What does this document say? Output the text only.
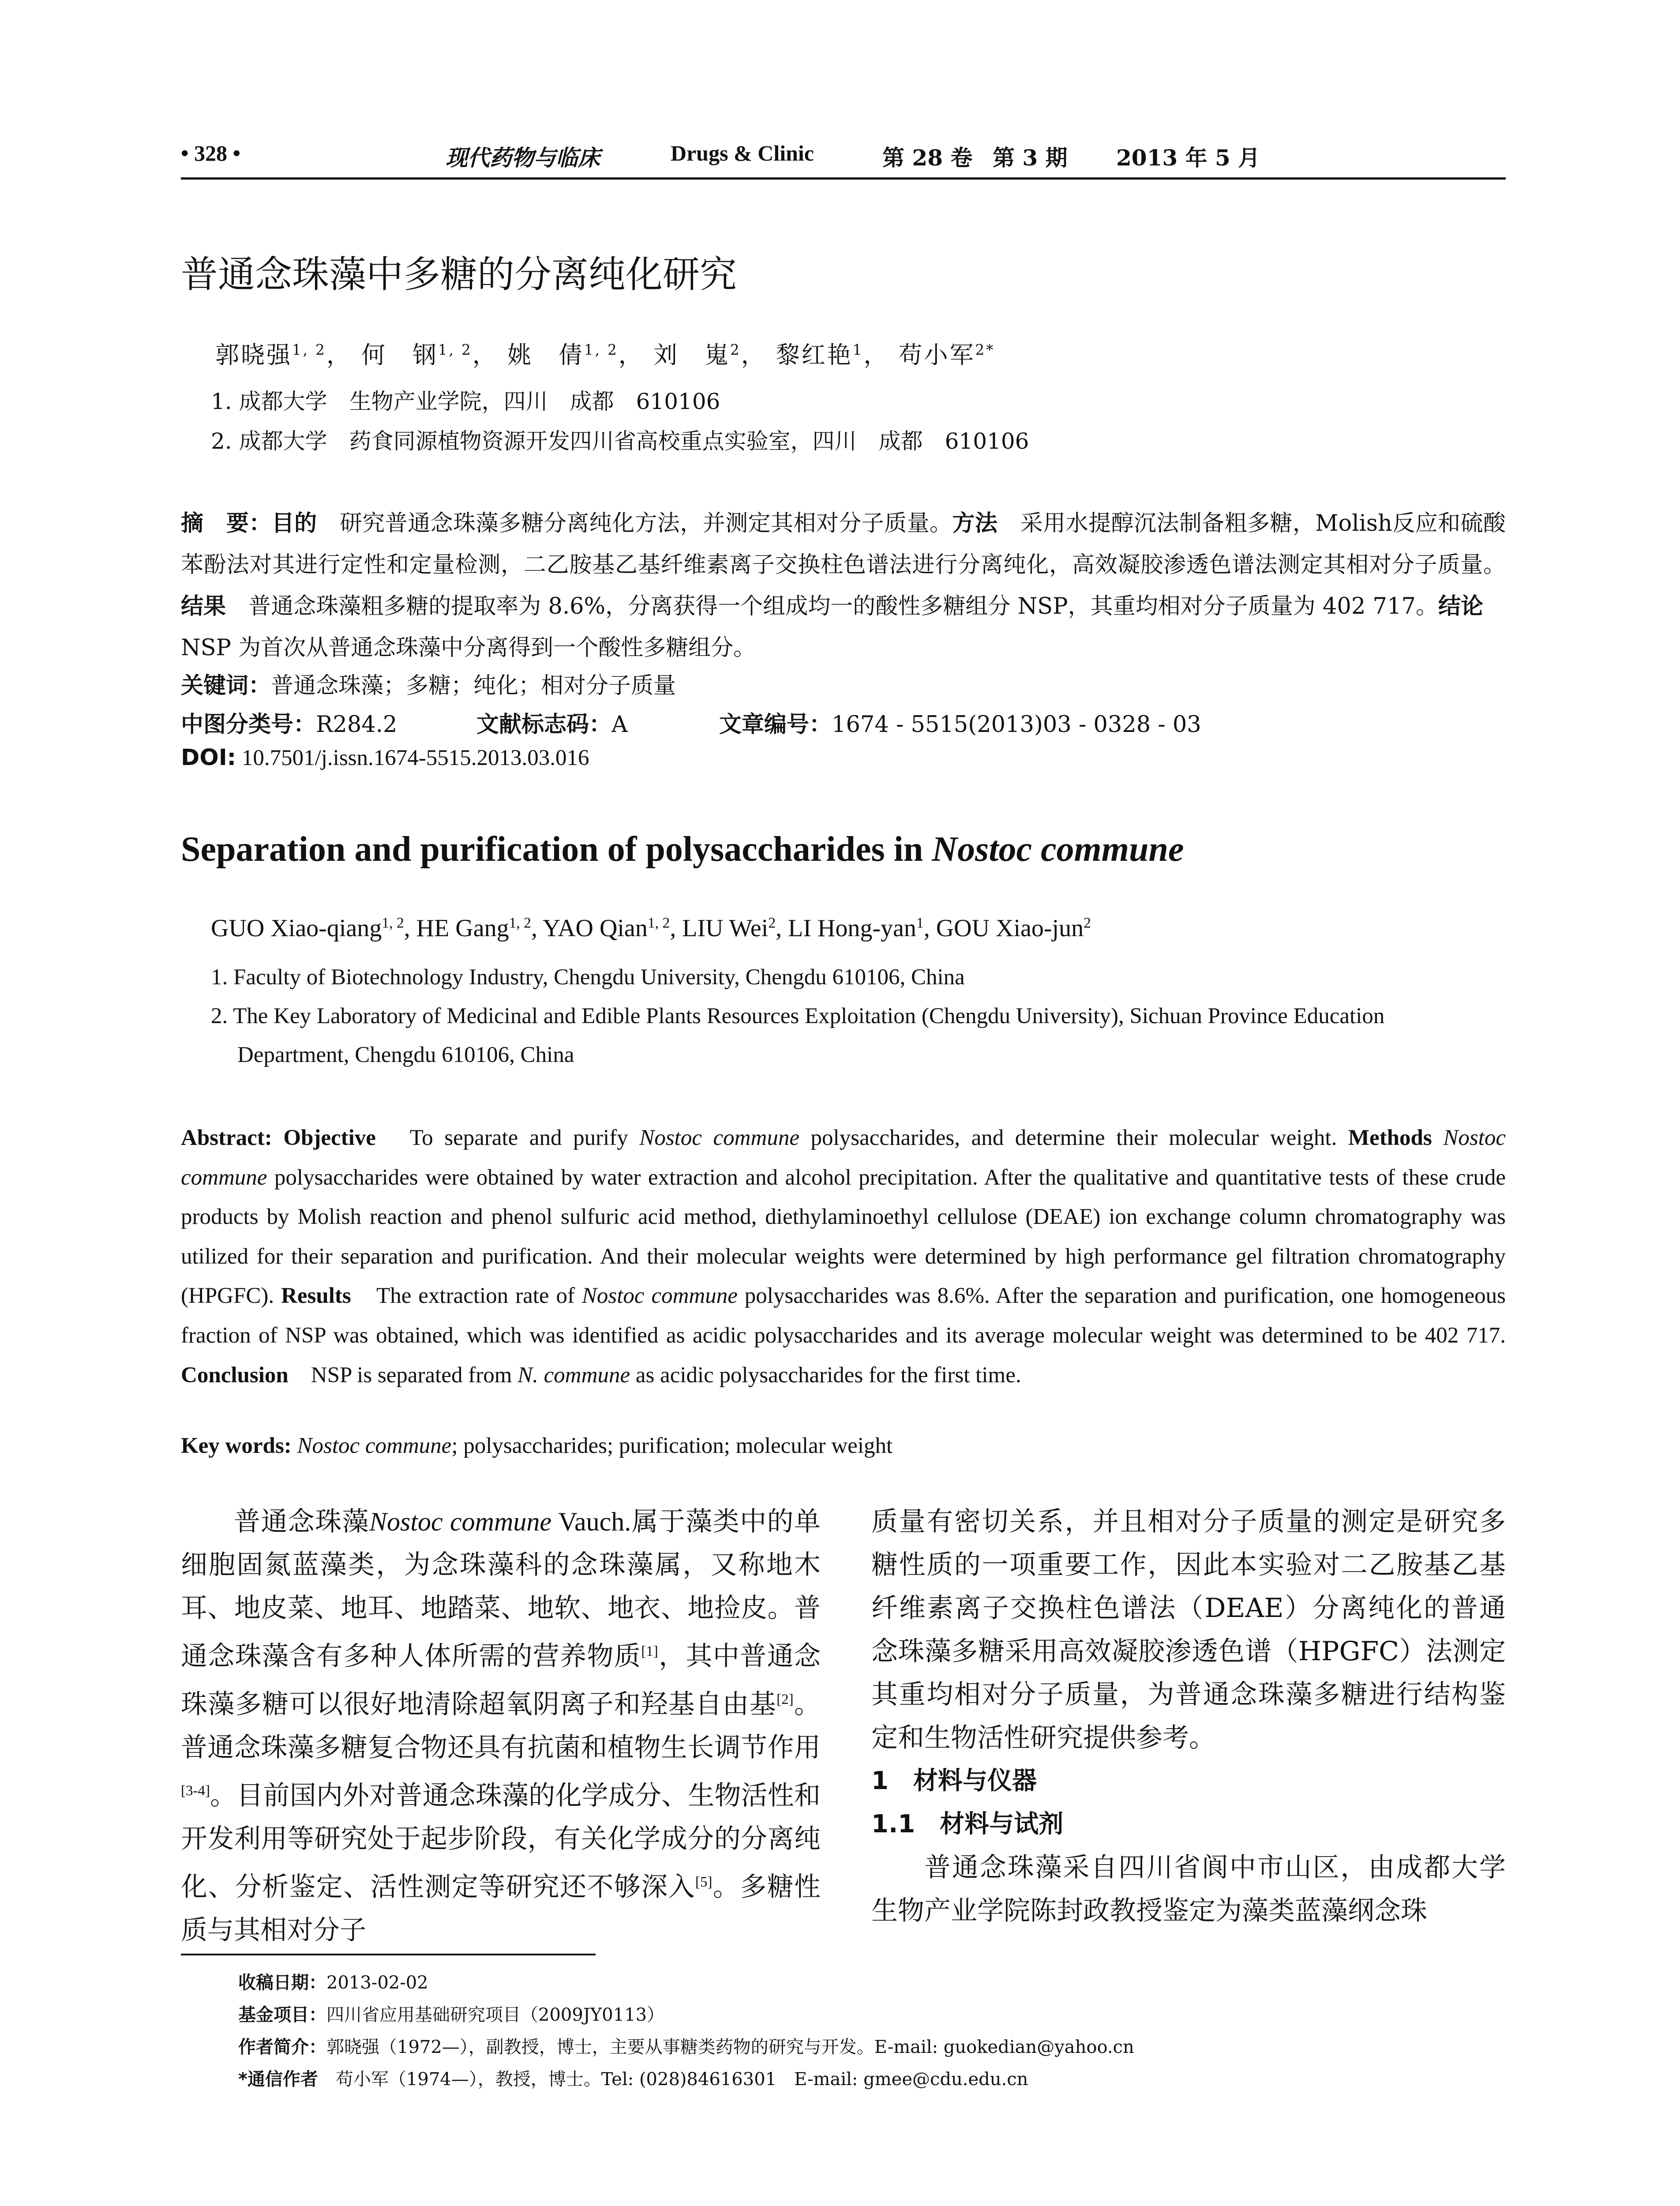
• 328 •	现代药物与临床	Drugs & Clinic	第 28 卷 第 3 期 2013 年 5 月
普通念珠藻中多糖的分离纯化研究
郭晓强$^{1, 2}$， 何　钢$^{1, 2}$， 姚　倩$^{1, 2}$， 刘　嵬$^2$， 黎红艳$^1$， 苟小军$^{2*}$
1. 成都大学　生物产业学院，四川　成都　610106
2. 成都大学　药食同源植物资源开发四川省高校重点实验室，四川　成都　610106
摘　要：目的　研究普通念珠藻多糖分离纯化方法，并测定其相对分子质量。方法　采用水提醇沉法制备粗多糖，Molish反应和硫酸苯酚法对其进行定性和定量检测，二乙胺基乙基纤维素离子交换柱色谱法进行分离纯化，高效凝胶渗透色谱法测定其相对分子质量。结果　普通念珠藻粗多糖的提取率为 8.6%，分离获得一个组成均一的酸性多糖组分 NSP，其重均相对分子质量为 402 717。结论　NSP 为首次从普通念珠藻中分离得到一个酸性多糖组分。
关键词：普通念珠藻；多糖；纯化；相对分子质量
中图分类号：R284.2	文献标志码：A	文章编号：1674 - 5515(2013)03 - 0328 - 03
DOI: 10.7501/j.issn.1674-5515.2013.03.016
Separation and purification of polysaccharides in Nostoc commune
GUO Xiao-qiang$^{1, 2}$, HE Gang$^{1, 2}$, YAO Qian$^{1, 2}$, LIU Wei$^2$, LI Hong-yan$^1$, GOU Xiao-jun$^2$
1. Faculty of Biotechnology Industry, Chengdu University, Chengdu 610106, China
2. The Key Laboratory of Medicinal and Edible Plants Resources Exploitation (Chengdu University), Sichuan Province Education
Department, Chengdu 610106, China
Abstract: Objective　To separate and purify Nostoc commune polysaccharides, and determine their molecular weight. Methods Nostoc commune polysaccharides were obtained by water extraction and alcohol precipitation. After the qualitative and quantitative tests of these crude products by Molish reaction and phenol sulfuric acid method, diethylaminoethyl cellulose (DEAE) ion exchange column chromatography was utilized for their separation and purification. And their molecular weights were determined by high performance gel filtration chromatography (HPGFC). Results　The extraction rate of Nostoc commune polysaccharides was 8.6%. After the separation and purification, one homogeneous fraction of NSP was obtained, which was identified as acidic polysaccharides and its average molecular weight was determined to be 402 717. Conclusion　NSP is separated from N. commune as acidic polysaccharides for the first time.
Key words: Nostoc commune; polysaccharides; purification; molecular weight
普通念珠藻Nostoc commune Vauch.属于藻类中的单细胞固氮蓝藻类，为念珠藻科的念珠藻属，又称地木耳、地皮菜、地耳、地踏菜、地软、地衣、地捡皮。普通念珠藻含有多种人体所需的营养物质[1]，其中普通念珠藻多糖可以很好地清除超氧阴离子和羟基自由基[2]。普通念珠藻多糖复合物还具有抗菌和植物生长调节作用[3-4]。目前国内外对普通念珠藻的化学成分、生物活性和开发利用等研究处于起步阶段，有关化学成分的分离纯化、分析鉴定、活性测定等研究还不够深入[5]。多糖性质与其相对分子
质量有密切关系，并且相对分子质量的测定是研究多糖性质的一项重要工作，因此本实验对二乙胺基乙基纤维素离子交换柱色谱法（DEAE）分离纯化的普通念珠藻多糖采用高效凝胶渗透色谱（HPGFC）法测定其重均相对分子质量，为普通念珠藻多糖进行结构鉴定和生物活性研究提供参考。
1　材料与仪器
1.1　材料与试剂
普通念珠藻采自四川省阆中市山区，由成都大学生物产业学院陈封政教授鉴定为藻类蓝藻纲念珠
收稿日期：2013-02-02
基金项目：四川省应用基础研究项目（2009JY0113）
作者简介：郭晓强（1972—），副教授，博士，主要从事糖类药物的研究与开发。E-mail: guokedian@yahoo.cn
*通信作者　苟小军（1974—），教授，博士。Tel: (028)84616301　E-mail: gmee@cdu.edu.cn
